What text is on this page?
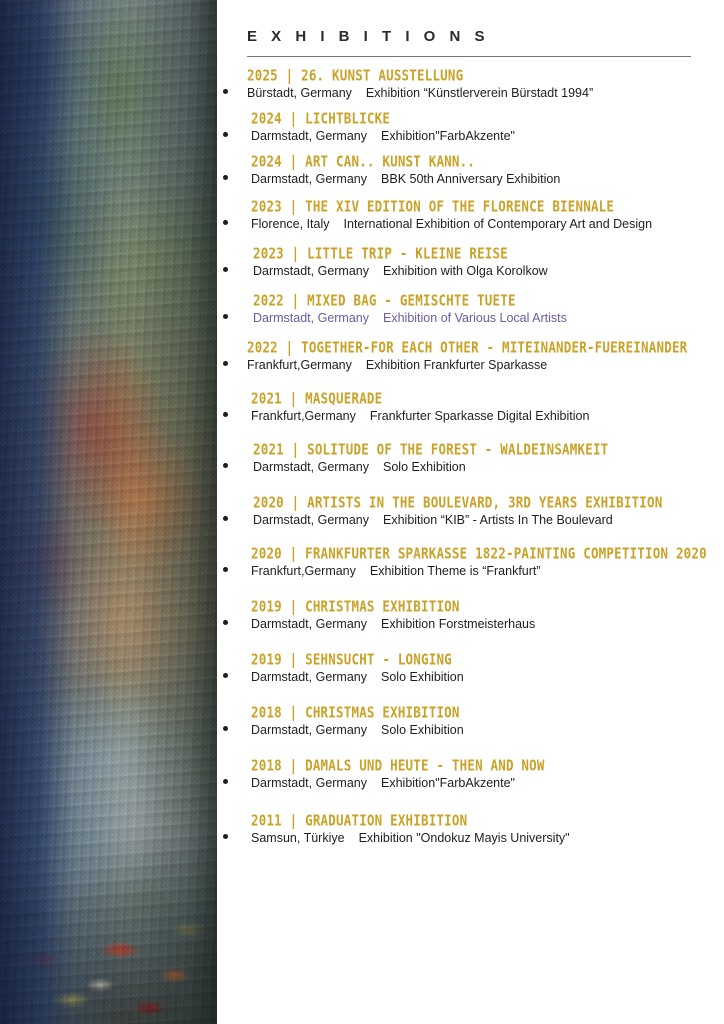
E X H I B I T I O N S
2025 | 26. KUNST AUSSTELLUNG
Bürstadt, Germany Exhibition “Künstlerverein Bürstadt 1994”
2024 | LICHTBLICKE
Darmstadt, Germany Exhibition"FarbAkzente"
2024 | ART CAN.. KUNST KANN..
Darmstadt, Germany BBK 50th Anniversary Exhibition
2023 | THE XIV EDITION OF THE FLORENCE BIENNALE
Florence, Italy International Exhibition of Contemporary Art and Design
2023 | LITTLE TRIP - KLEINE REISE
Darmstadt, Germany Exhibition with Olga Korolkow
2022 | MIXED BAG - GEMISCHTE TUETE
Darmstadt, Germany Exhibition of Various Local Artists
2022 | TOGETHER-FOR EACH OTHER - MITEINANDER-FUEREINANDER
Frankfurt,Germany Exhibition Frankfurter Sparkasse
2021 | MASQUERADE
Frankfurt,Germany Frankfurter Sparkasse Digital Exhibition
2021 | SOLITUDE OF THE FOREST - WALDEINSAMKEIT
Darmstadt, Germany Solo Exhibition
2020 | ARTISTS IN THE BOULEVARD, 3RD YEARS EXHIBITION
Darmstadt, Germany Exhibition “KIB” - Artists In The Boulevard
2020 | FRANKFURTER SPARKASSE 1822-PAINTING COMPETITION 2020
Frankfurt,Germany Exhibition Theme is “Frankfurt”
2019 | CHRISTMAS EXHIBITION
Darmstadt, Germany Exhibition Forstmeisterhaus
2019 | SEHNSUCHT - LONGING
Darmstadt, Germany Solo Exhibition
2018 | CHRISTMAS EXHIBITION
Darmstadt, Germany Solo Exhibition
2018 | DAMALS UND HEUTE - THEN AND NOW
Darmstadt, Germany Exhibition"FarbAkzente"
2011 | GRADUATION EXHIBITION
Samsun, Türkiye Exhibition "Ondokuz Mayis University"
